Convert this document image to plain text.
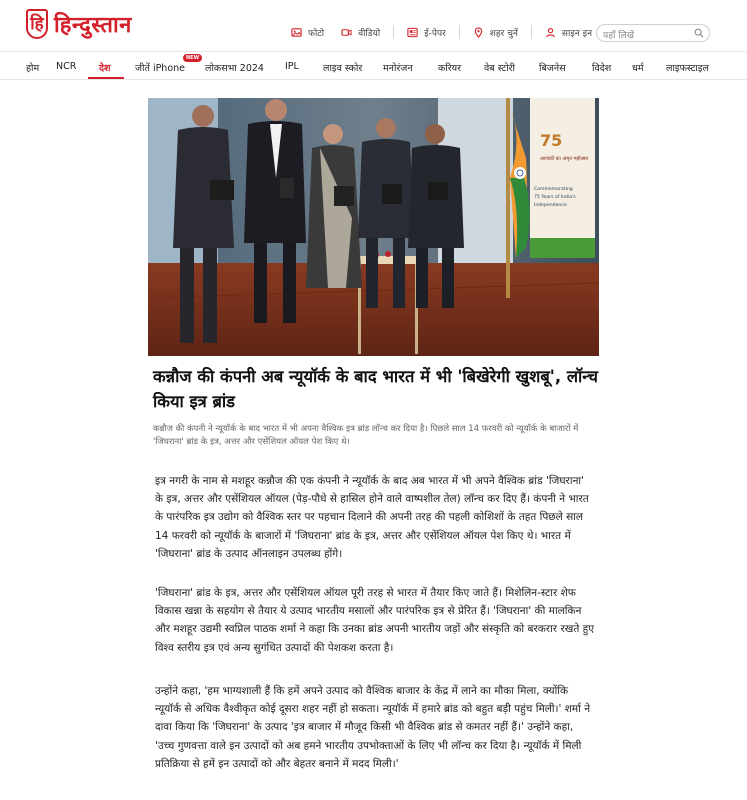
हि हिन्दुस्तान	फोटो	वीडियो	ई-पेपर	शहर चुनें	साइन इन	यहाँ लिखें
होम NCR देश	जीतें iPhone
NEW
लोकसभा 2024 IPL	लाइव स्कोर मनोरंजन	करियर वेब स्टोरी	बिजनेस	विदेश धर्म लाइफस्टाइल
75
आज़ादी का अमृत महोत्सव
Commemorating
75 Years of India's
Independence
कन्नौज की कंपनी अब न्यूयॉर्क के बाद भारत में भी 'बिखेरेगी खुशबू', लॉन्च किया इत्र ब्रांड

कन्नौज की कंपनी ने न्यूयॉर्क के बाद भारत में भी अपना वैश्विक इत्र ब्रांड लॉन्च कर दिया है। पिछले साल 14 फरवरी को न्यूयॉर्क के बाजारों में 'जिघराना' ब्रांड के इत्र, अत्तर और एसेंशियल ऑयल पेश किए थे।

इत्र नगरी के नाम से मशहूर कन्नौज की एक कंपनी ने न्यूयॉर्क के बाद अब भारत में भी अपने वैश्विक ब्रांड 'जिघराना' के इत्र, अत्तर और एसेंशियल ऑयल (पेड़-पौधे से हासिल होने वाले वाष्पशील तेल) लॉन्च कर दिए हैं। कंपनी ने भारत के पारंपरिक इत्र उद्योग को वैश्विक स्तर पर पहचान दिलाने की अपनी तरह की पहली कोशिशों के तहत पिछले साल 14 फरवरी को न्यूयॉर्क के बाजारों में 'जिघराना' ब्रांड के इत्र, अत्तर और एसेंशियल ऑयल पेश किए थे। भारत में 'जिघराना' ब्रांड के उत्पाद ऑनलाइन उपलब्ध होंगे।

'जिघराना' ब्रांड के इत्र, अत्तर और एसेंशियल ऑयल पूरी तरह से भारत में तैयार किए जाते हैं। मिशेलिन-स्टार शेफ विकास खन्ना के सहयोग से तैयार ये उत्पाद भारतीय मसालों और पारंपरिक इत्र से प्रेरित हैं। 'जिघराना' की मालकिन और मशहूर उद्यमी स्वप्निल पाठक शर्मा ने कहा कि उनका ब्रांड अपनी भारतीय जड़ों और संस्कृति को बरकरार रखते हुए विश्व स्तरीय इत्र एवं अन्य सुगंधित उत्पादों की पेशकश करता है।

उन्होंने कहा, 'हम भाग्यशाली हैं कि हमें अपने उत्पाद को वैश्विक बाजार के केंद्र में लाने का मौका मिला, क्योंकि न्यूयॉर्क से अधिक वैश्वीकृत कोई दूसरा शहर नहीं हो सकता। न्यूयॉर्क में हमारे ब्रांड को बहुत बड़ी पहुंच मिली।' शर्मा ने दावा किया कि 'जिघराना' के उत्पाद 'इत्र बाजार में मौजूद किसी भी वैश्विक ब्रांड से कमतर नहीं हैं।' उन्होंने कहा, 'उच्च गुणवत्ता वाले इन उत्पादों को अब हमने भारतीय उपभोक्ताओं के लिए भी लॉन्च कर दिया है। न्यूयॉर्क में मिली प्रतिक्रिया से हमें इन उत्पादों को और बेहतर बनाने में मदद मिली।'
